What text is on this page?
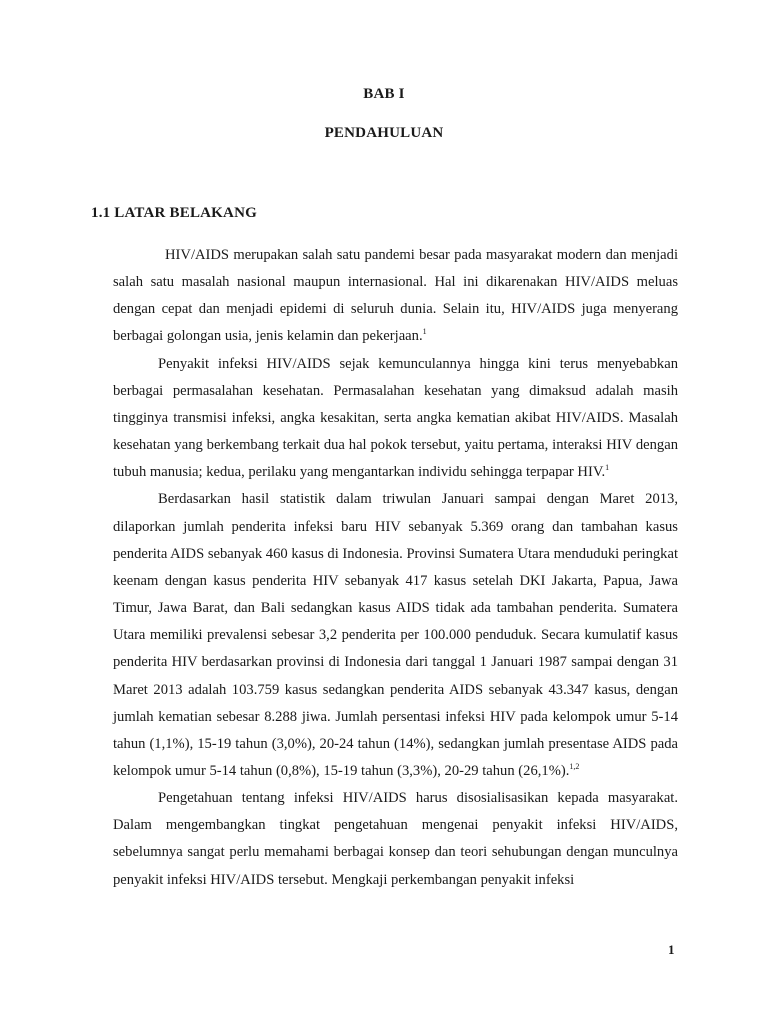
BAB I
PENDAHULUAN
1.1 LATAR BELAKANG

HIV/AIDS merupakan salah satu pandemi besar pada masyarakat modern dan menjadi salah satu masalah nasional maupun internasional. Hal ini dikarenakan HIV/AIDS meluas dengan cepat dan menjadi epidemi di seluruh dunia. Selain itu, HIV/AIDS juga menyerang berbagai golongan usia, jenis kelamin dan pekerjaan.$^1$

Penyakit infeksi HIV/AIDS sejak kemunculannya hingga kini terus menyebabkan berbagai permasalahan kesehatan. Permasalahan kesehatan yang dimaksud adalah masih tingginya transmisi infeksi, angka kesakitan, serta angka kematian akibat HIV/AIDS. Masalah kesehatan yang berkembang terkait dua hal pokok tersebut, yaitu pertama, interaksi HIV dengan tubuh manusia; kedua, perilaku yang mengantarkan individu sehingga terpapar HIV.$^1$

Berdasarkan hasil statistik dalam triwulan Januari sampai dengan Maret 2013, dilaporkan jumlah penderita infeksi baru HIV sebanyak 5.369 orang dan tambahan kasus penderita AIDS sebanyak 460 kasus di Indonesia. Provinsi Sumatera Utara menduduki peringkat keenam dengan kasus penderita HIV sebanyak 417 kasus setelah DKI Jakarta, Papua, Jawa Timur, Jawa Barat, dan Bali sedangkan kasus AIDS tidak ada tambahan penderita. Sumatera Utara memiliki prevalensi sebesar 3,2 penderita per 100.000 penduduk. Secara kumulatif kasus penderita HIV berdasarkan provinsi di Indonesia dari tanggal 1 Januari 1987 sampai dengan 31 Maret 2013 adalah 103.759 kasus sedangkan penderita AIDS sebanyak 43.347 kasus, dengan jumlah kematian sebesar 8.288 jiwa. Jumlah persentasi infeksi HIV pada kelompok umur 5-14 tahun (1,1%), 15-19 tahun (3,0%), 20-24 tahun (14%), sedangkan jumlah presentase AIDS pada kelompok umur 5-14 tahun (0,8%), 15-19 tahun (3,3%), 20-29 tahun (26,1%).$^{1,2}$

Pengetahuan tentang infeksi HIV/AIDS harus disosialisasikan kepada masyarakat. Dalam mengembangkan tingkat pengetahuan mengenai penyakit infeksi HIV/AIDS, sebelumnya sangat perlu memahami berbagai konsep dan teori sehubungan dengan munculnya penyakit infeksi HIV/AIDS tersebut. Mengkaji perkembangan penyakit infeksi

1
